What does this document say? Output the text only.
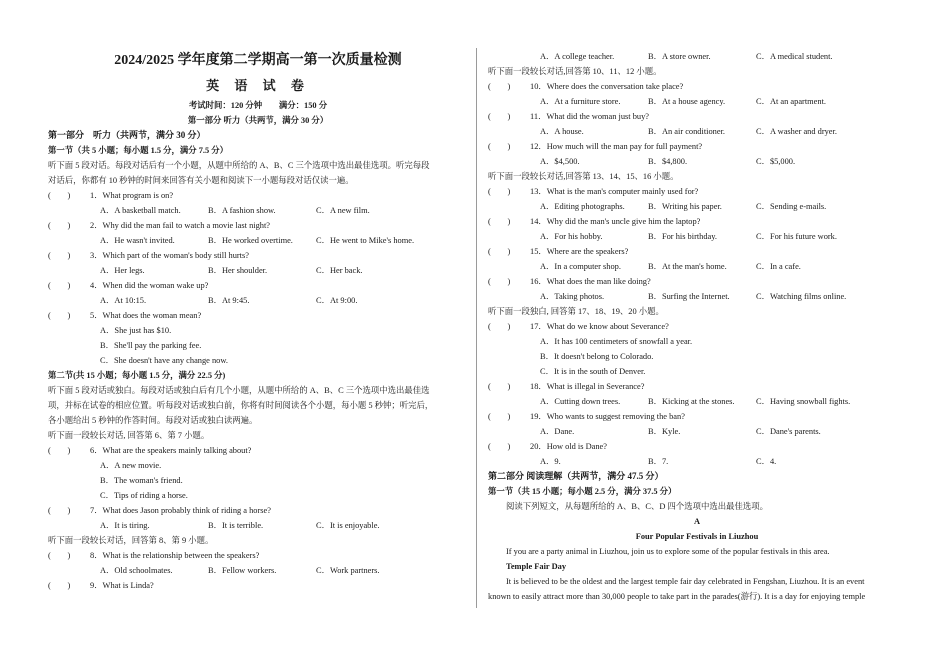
2024/2025 学年度第二学期高一第一次质量检测
英 语 试 卷
考试时间：120 分钟　　满分：150 分
第一部分 听力（共两节，满分 30 分）
第一部分　听力（共两节，满分 30 分）
第一节（共 5 小题；每小题 1.5 分，满分 7.5 分）
听下面 5 段对话。每段对话后有一个小题，从题中所给的 A、B、C 三个选项中选出最佳选项。听完每段
对话后，你都有 10 秒钟的时间来回答有关小题和阅读下一小题每段对话仅读一遍。
(　　) 1．What program is on?
A．A basketball match.	B．A fashion show.	C．A new film.
(　　) 2．Why did the man fail to watch a movie last night?
A．He wasn't invited.	B．He worked overtime.	C．He went to Mike's home.
(　　) 3．Which part of the woman's body still hurts?
A．Her legs.	B．Her shoulder.	C．Her back.
(　　) 4．When did the woman wake up?
A．At 10:15.	B．At 9:45.	C．At 9:00.
(　　) 5．What does the woman mean?
A．She just has $10.
B．She'll pay the parking fee.
C．She doesn't have any change now.
第二节(共 15 小题；每小题 1.5 分，满分 22.5 分)
听下面 5 段对话或独白。每段对话或独白后有几个小题，从题中所给的 A、B、C 三个选项中选出最佳选
项，并标在试卷的相应位置。听每段对话或独白前，你将有时间阅读各个小题，每小题 5 秒钟；听完后，
各小题给出 5 秒钟的作答时间。每段对话或独白读两遍。
听下面一段较长对话, 回答第 6、第 7 小题。
(　　) 6．What are the speakers mainly talking about?
A．A new movie.
B．The woman's friend.
C．Tips of riding a horse.
(　　) 7．What does Jason probably think of riding a horse?
A．It is tiring.	B．It is terrible.	C．It is enjoyable.
听下面一段较长对话，回答第 8、第 9 小题。
(　　) 8．What is the relationship between the speakers?
A．Old schoolmates.	B．Fellow workers.	C．Work partners.
(　　) 9．What is Linda?
A．A college teacher.	B．A store owner.	C．A medical student.
听下面一段较长对话,回答第 10、11、12 小题。
(　　) 10．Where does the conversation take place?
A．At a furniture store.	B．At a house agency.	C．At an apartment.
(　　) 11．What did the woman just buy?
A．A house.	B．An air conditioner.	C．A washer and dryer.
(　　) 12．How much will the man pay for full payment?
A．$4,500.	B．$4,800.	C．$5,000.
听下面一段较长对话,回答第 13、14、15、16 小题。
(　　) 13．What is the man's computer mainly used for?
A．Editing photographs.	B．Writing his paper.	C．Sending e-mails.
(　　) 14．Why did the man's uncle give him the laptop?
A．For his hobby.	B．For his birthday.	C．For his future work.
(　　) 15．Where are the speakers?
A．In a computer shop.	B．At the man's home.	C．In a cafe.
(　　) 16．What does the man like doing?
A．Taking photos.	B．Surfing the Internet.	C．Watching films online.
听下面一段独白, 回答第 17、18、19、20 小题。
(　　) 17．What do we know about Severance?
A．It has 100 centimeters of snowfall a year.
B．It doesn't belong to Colorado.
C．It is in the south of Denver.
(　　) 18．What is illegal in Severance?
A．Cutting down trees.	B．Kicking at the stones.	C．Having snowball fights.
(　　) 19．Who wants to suggest removing the ban?
A．Dane.	B．Kyle.	C．Dane's parents.
(　　) 20．How old is Dane?
A．9.	B．7.	C．4.
第二部分 阅读理解（共两节，满分 47.5 分）
第一节（共 15 小题；每小题 2.5 分，满分 37.5 分）
阅读下列短文，从每题所给的 A、B、C、D 四个选项中选出最佳选项。
A
Four Popular Festivals in Liuzhou
If you are a party animal in Liuzhou, join us to explore some of the popular festivals in this area.
Temple Fair Day
It is believed to be the oldest and the largest temple fair day celebrated in Fengshan, Liuzhou. It is an event
known to easily attract more than 30,000 people to take part in the parades(游行). It is a day for enjoying temple
